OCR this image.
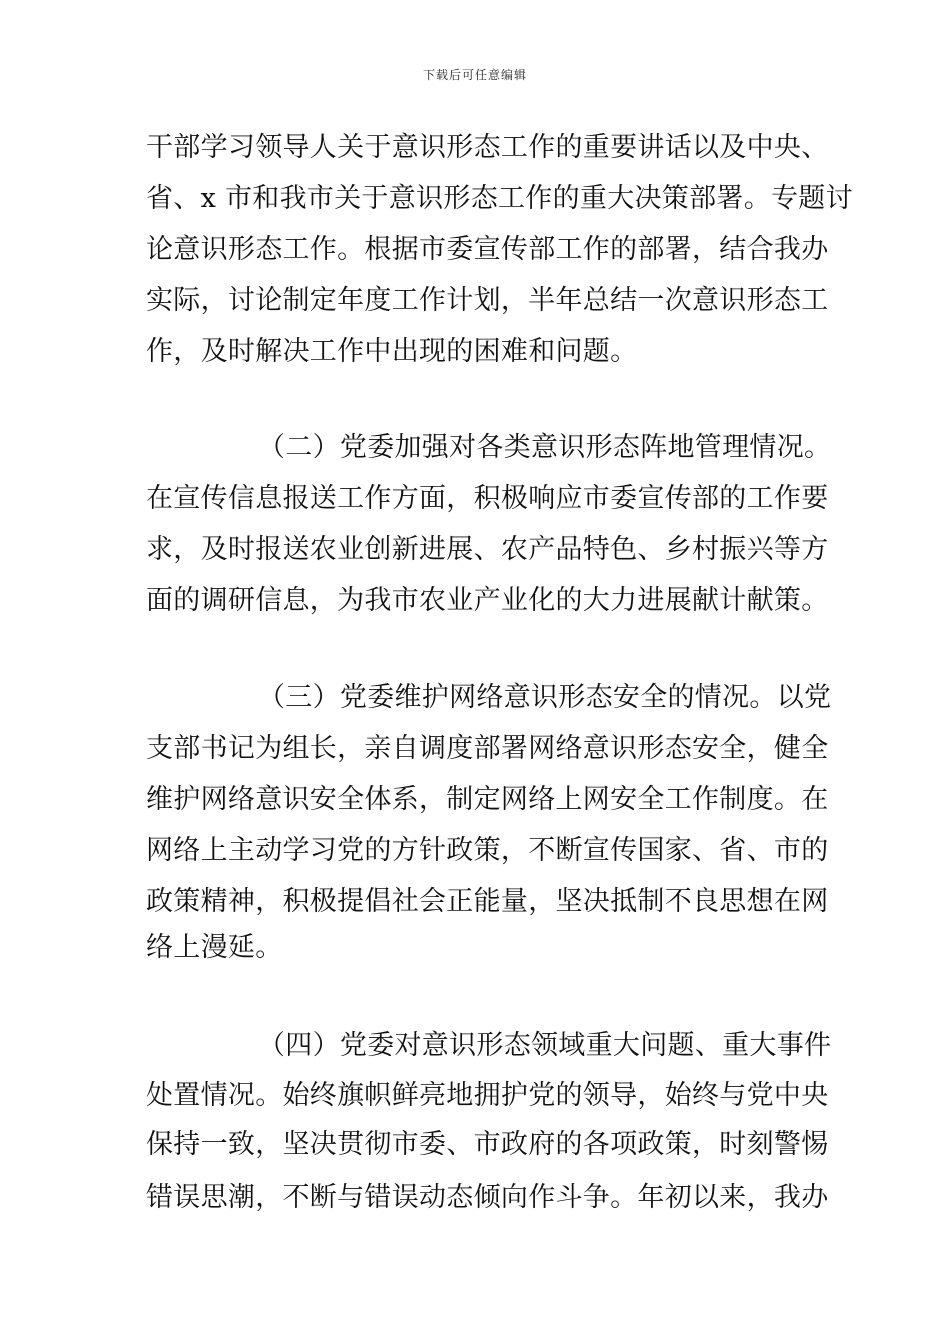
下载后可任意编辑
干部学习领导人关于意识形态工作的重要讲话以及中央、
省、x 市和我市关于意识形态工作的重大决策部署。专题讨
论意识形态工作。根据市委宣传部工作的部署，结合我办
实际，讨论制定年度工作计划，半年总结一次意识形态工
作，及时解决工作中出现的困难和问题。
（二）党委加强对各类意识形态阵地管理情况。
在宣传信息报送工作方面，积极响应市委宣传部的工作要
求，及时报送农业创新进展、农产品特色、乡村振兴等方
面的调研信息，为我市农业产业化的大力进展献计献策。
（三）党委维护网络意识形态安全的情况。以党
支部书记为组长，亲自调度部署网络意识形态安全，健全
维护网络意识安全体系，制定网络上网安全工作制度。在
网络上主动学习党的方针政策，不断宣传国家、省、市的
政策精神，积极提倡社会正能量，坚决抵制不良思想在网
络上漫延。
（四）党委对意识形态领域重大问题、重大事件
处置情况。始终旗帜鲜亮地拥护党的领导，始终与党中央
保持一致，坚决贯彻市委、市政府的各项政策，时刻警惕
错误思潮，不断与错误动态倾向作斗争。年初以来，我办
